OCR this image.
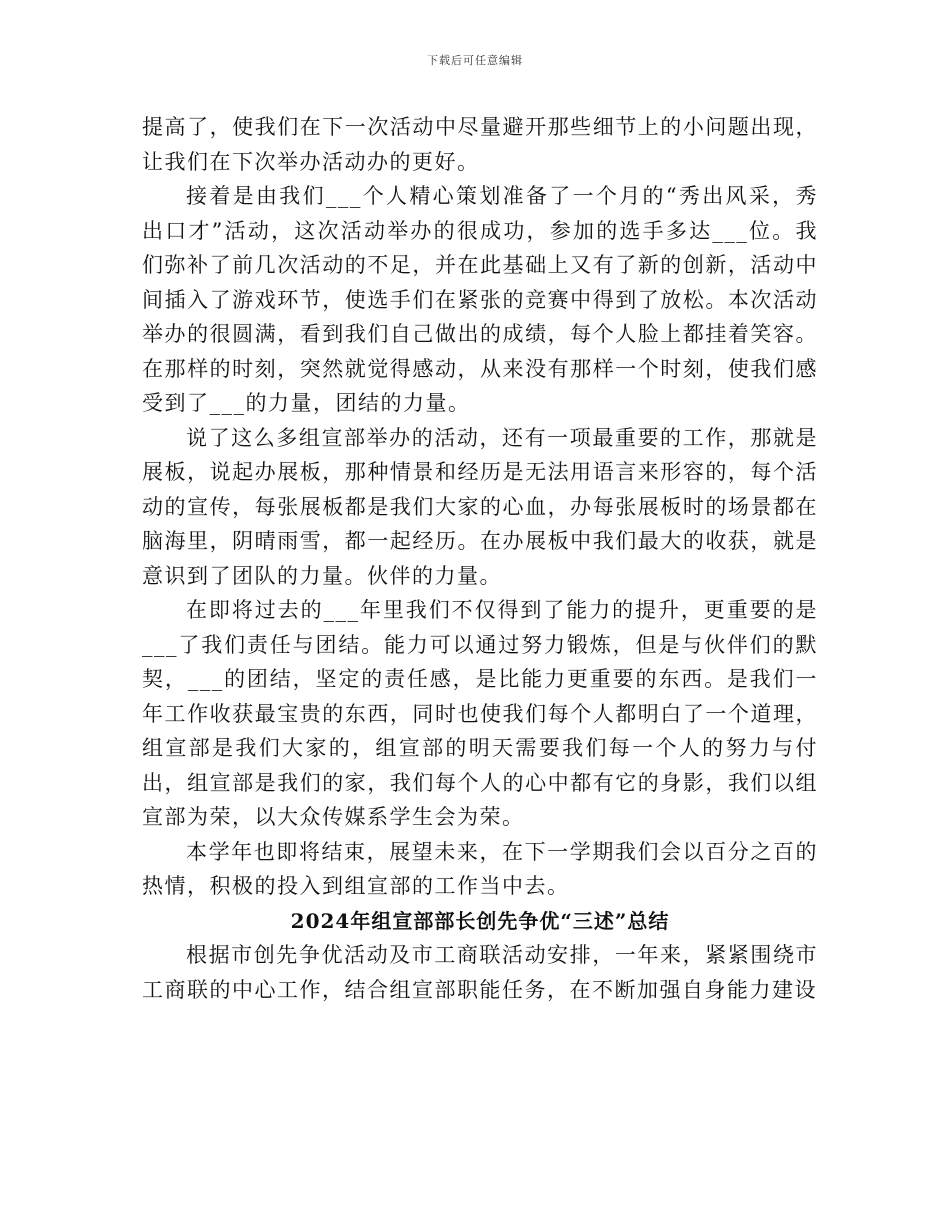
下载后可任意编辑

提高了，使我们在下一次活动中尽量避开那些细节上的小问题出现，让我们在下次举办活动办的更好。

接着是由我们___个人精心策划准备了一个月的“秀出风采，秀出口才”活动，这次活动举办的很成功，参加的选手多达___位。我们弥补了前几次活动的不足，并在此基础上又有了新的创新，活动中间插入了游戏环节，使选手们在紧张的竞赛中得到了放松。本次活动举办的很圆满，看到我们自己做出的成绩，每个人脸上都挂着笑容。在那样的时刻，突然就觉得感动，从来没有那样一个时刻，使我们感受到了___的力量，团结的力量。

说了这么多组宣部举办的活动，还有一项最重要的工作，那就是展板，说起办展板，那种情景和经历是无法用语言来形容的，每个活动的宣传，每张展板都是我们大家的心血，办每张展板时的场景都在脑海里，阴晴雨雪，都一起经历。在办展板中我们最大的收获，就是意识到了团队的力量。伙伴的力量。

在即将过去的___年里我们不仅得到了能力的提升，更重要的是___了我们责任与团结。能力可以通过努力锻炼，但是与伙伴们的默契，___的团结，坚定的责任感，是比能力更重要的东西。是我们一年工作收获最宝贵的东西，同时也使我们每个人都明白了一个道理，组宣部是我们大家的，组宣部的明天需要我们每一个人的努力与付出，组宣部是我们的家，我们每个人的心中都有它的身影，我们以组宣部为荣，以大众传媒系学生会为荣。

本学年也即将结束，展望未来，在下一学期我们会以百分之百的热情，积极的投入到组宣部的工作当中去。

2024年组宣部部长创先争优“三述”总结

根据市创先争优活动及市工商联活动安排，一年来，紧紧围绕市工商联的中心工作，结合组宣部职能任务，在不断加强自身能力建设
